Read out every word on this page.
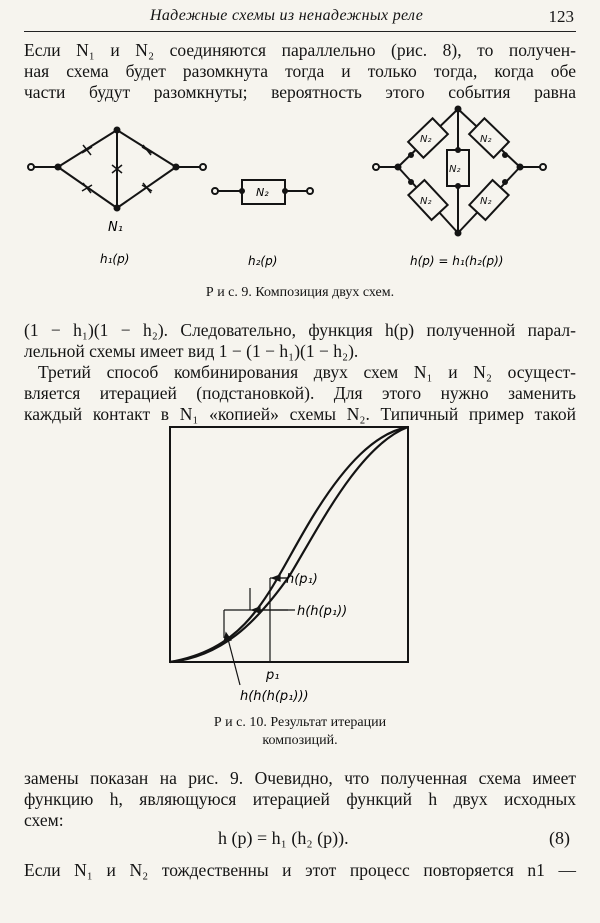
Надежные схемы из ненадежных реле	123
Если N₁ и N₂ соединяются параллельно (рис. 8), то получен-
ная схема будет разомкнута тогда и только тогда, когда обе
части будут разомкнуты; вероятность этого события равна
N₁
N₂
N₂	N₂
N₂	N₂
N₂
h₁(p)	h₂(p)	h(p) = h₁(h₂(p))
Р и с. 9. Композиция двух схем.
(1 − h₁)(1 − h₂). Следовательно, функция h(p) полученной парал-
лельной схемы имеет вид 1 − (1 − h₁)(1 − h₂).
Третий способ комбинирования двух схем N₁ и N₂ осущест-
вляется итерацией (подстановкой). Для этого нужно заменить
каждый контакт в N₁ «копией» схемы N₂. Типичный пример такой
h(p₁)
h(h(p₁))
p₁
h(h(h(p₁)))
Р и с. 10. Результат итерации
композиций.
замены показан на рис. 9. Очевидно, что полученная схема имеет
функцию h, являющуюся итерацией функций h двух исходных
схем:
h (p) = h₁ (h₂ (p)).	(8)
Если N₁ и N₂ тождественны и этот процесс повторяется n1 —
